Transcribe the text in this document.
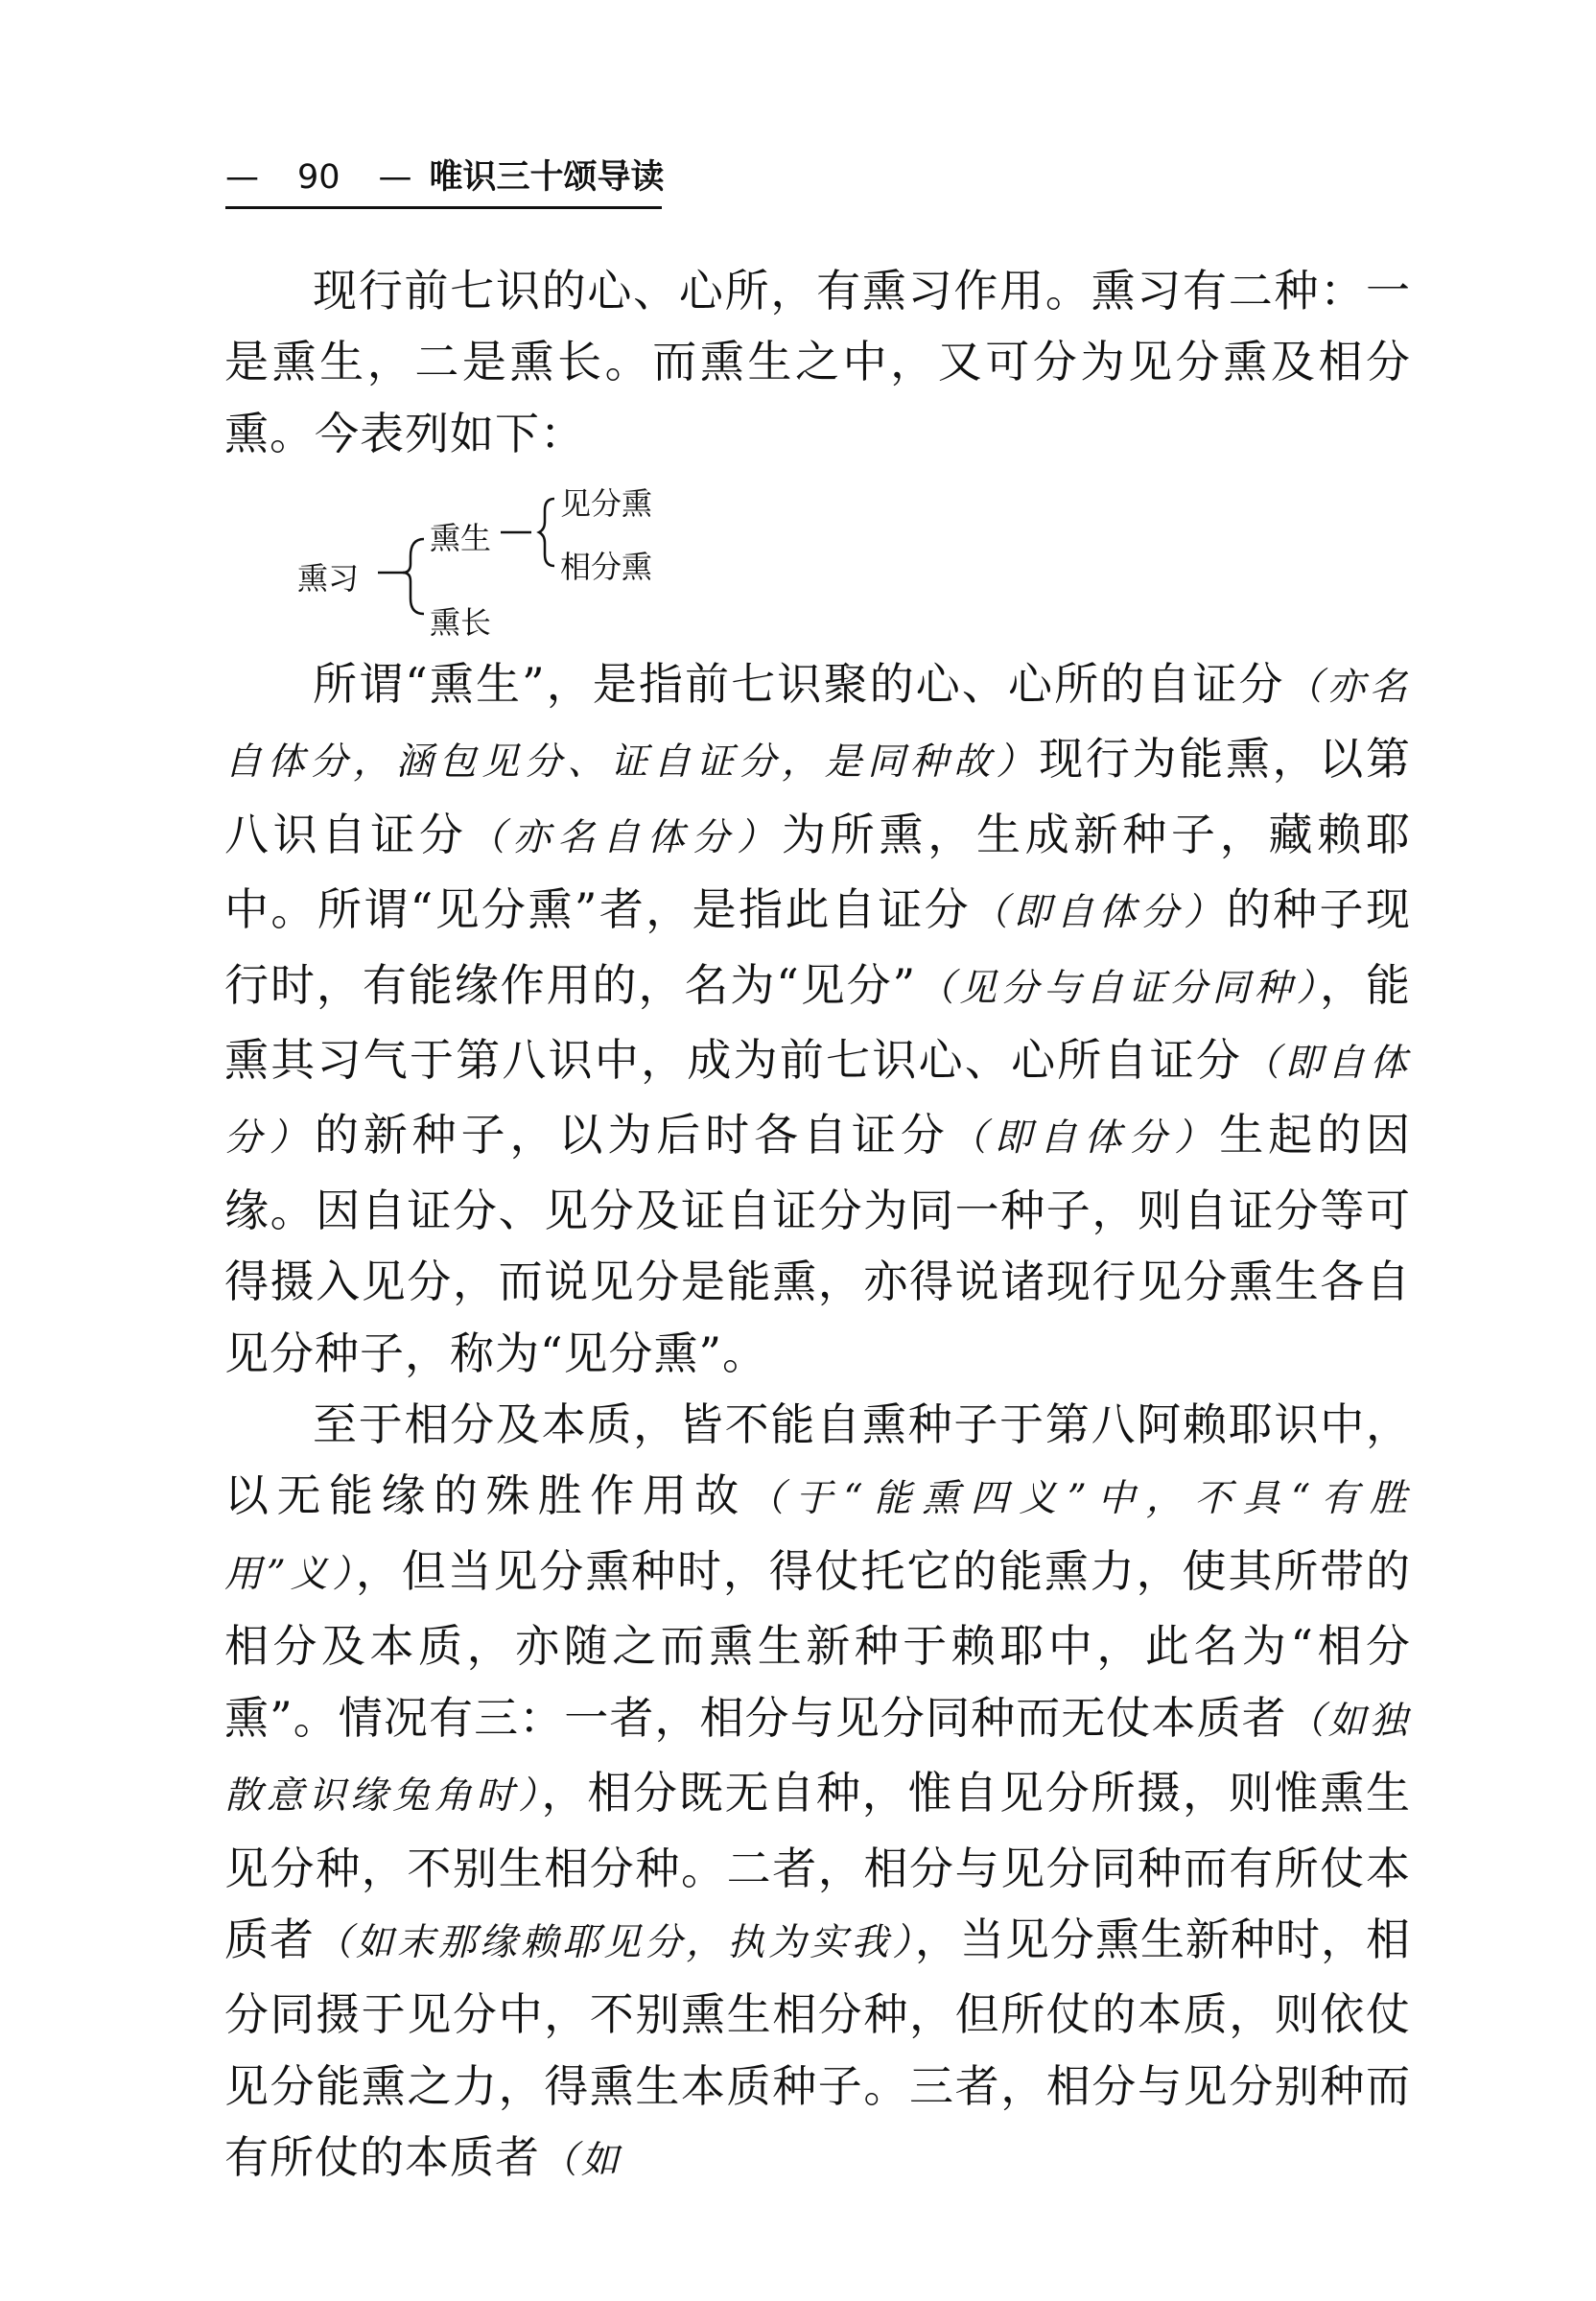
— 90 — 唯识三十颂导读

现行前七识的心、心所，有熏习作用。熏习有二种：一是熏生，二是熏长。而熏生之中，又可分为见分熏及相分熏。今表列如下：

熏习
熏生
熏长
见分熏
相分熏

所谓“熏生”，是指前七识聚的心、心所的自证分（亦名自体分，涵包见分、证自证分，是同种故）现行为能熏，以第八识自证分（亦名自体分）为所熏，生成新种子，藏赖耶中。所谓“见分熏”者，是指此自证分（即自体分）的种子现行时，有能缘作用的，名为“见分”（见分与自证分同种），能熏其习气于第八识中，成为前七识心、心所自证分（即自体分）的新种子，以为后时各自证分（即自体分）生起的因缘。因自证分、见分及证自证分为同一种子，则自证分等可得摄入见分，而说见分是能熏，亦得说诸现行见分熏生各自见分种子，称为“见分熏”。

至于相分及本质，皆不能自熏种子于第八阿赖耶识中，以无能缘的殊胜作用故（于“能熏四义”中，不具“有胜用”义），但当见分熏种时，得仗托它的能熏力，使其所带的相分及本质，亦随之而熏生新种于赖耶中，此名为“相分熏”。情况有三：一者，相分与见分同种而无仗本质者（如独散意识缘兔角时），相分既无自种，惟自见分所摄，则惟熏生见分种，不别生相分种。二者，相分与见分同种而有所仗本质者（如末那缘赖耶见分，执为实我），当见分熏生新种时，相分同摄于见分中，不别熏生相分种，但所仗的本质，则依仗见分能熏之力，得熏生本质种子。三者，相分与见分别种而有所仗的本质者（如
